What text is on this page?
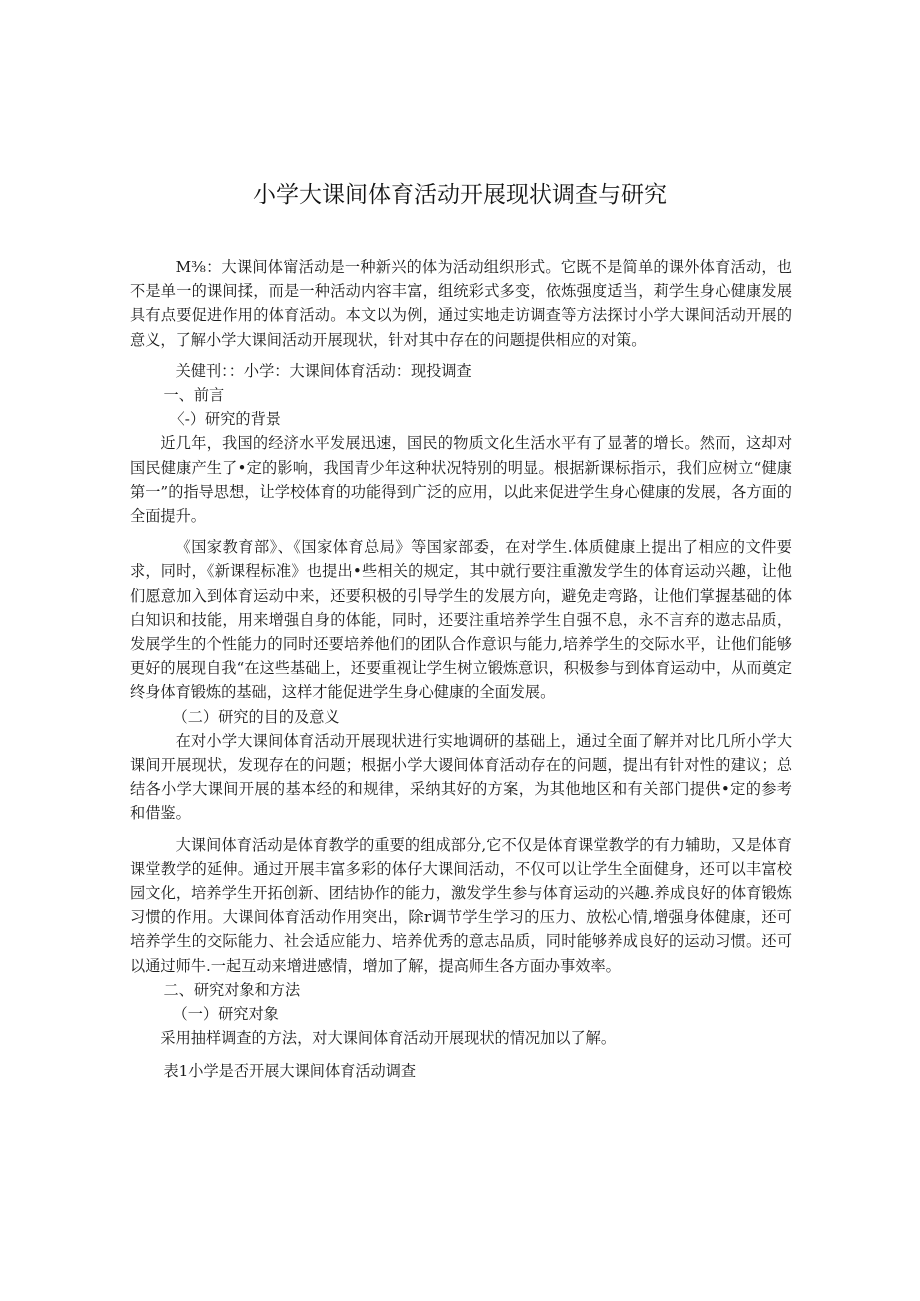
小学大课间体育活动开展现状调查与研究

M⅜：大课间体甯活动是一种新兴的体为活动组织形式。它既不是简单的课外体育活动，也不是单一的课间揉，而是一种活动内容丰富，组统彩式多变，依炼强度适当，莉学生身心健康发展具有点要促进作用的体育活动。本文以为例，通过实地走访调查等方法探讨小学大课间活动开展的意义，了解小学大课间活动开展现状，针对其中存在的问题提供相应的对策。

关健刊：：小学：大课间体育活动：现投调查

一、前言

〈-）研究的背景

近几年，我国的经济水平发展迅速，国民的物质文化生活水平有了显著的增长。然而，这却对国民健康产生了•定的影响，我国青少年这种状况特别的明显。根据新课标指示，我们应树立“健康第一”的指导思想，让学校体育的功能得到广泛的应用，以此来促进学生身心健康的发展，各方面的全面提升。

《国家教育部》、《国家体育总局》等国家部委，在对学生.体质健康上提出了相应的文件要求，同时，《新课程标准》也提出•些相关的规定，其中就行要注重激发学生的体育运动兴趣，让他们愿意加入到体育运动中来，还要积极的引导学生的发展方向，避免走弯路，让他们掌握基础的体白知识和技能，用来增强自身的体能，同时，还要注重培养学生自强不息，永不言弃的遨志品质，发展学生的个性能力的同时还要培养他们的团队合作意识与能力,培养学生的交际水平，让他们能够更好的展现自我“在这些基础上，还要重视让学生树立锻炼意识，积极参与到体育运动中，从而奠定终身体育锻炼的基础，这样才能促进学生身心健康的全面发展。

（二）研究的目的及意义

在对小学大课间体育活动开展现状进行实地调研的基础上，通过全面了解并对比几所小学大课间开展现状，发现存在的问题；根据小学大谡间体育活动存在的问题，提出有针对性的建议；总结各小学大课间开展的基本经的和规律，采纳其好的方案，为其他地区和有关部门提供•定的参考和借鉴。

大课间体育活动是体育教学的重要的组成部分,它不仅是体育课堂教学的有力辅助，又是体育课堂教学的延伸。通过开展丰富多彩的体仔大课间活动，不仅可以让学生全面健身，还可以丰富校园文化，培养学生开拓创新、团结协作的能力，激发学生参与体育运动的兴趣.养成良好的体育锻炼习惯的作用。大课间体育活动作用突出，除r调节学生学习的压力、放松心情,增强身体健康，还可培养学生的交际能力、社会适应能力、培养优秀的意志品质，同时能够养成良好的运动习惯。还可以通过师牛.一起互动来增进感情，增加了解，提高师生各方面办事效率。

二、研究对象和方法

（一）研究对象

采用抽样调查的方法，对大课间体育活动开展现状的情况加以了解。

表1小学是否开展大课间体育活动调查
